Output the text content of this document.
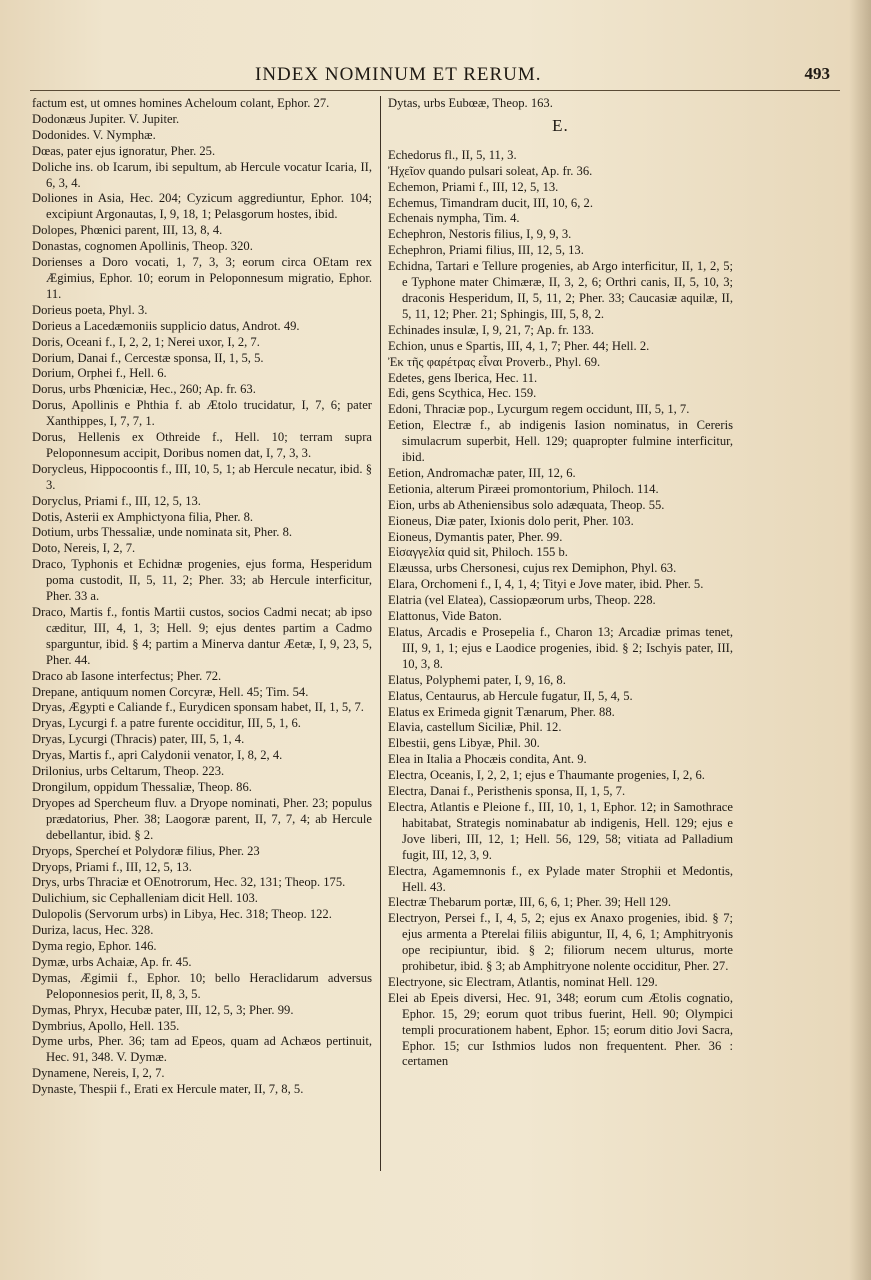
INDEX NOMINUM ET RERUM.	493

factum est, ut omnes homines Acheloum colant, Ephor. 27.

Dodonæus Jupiter. V. Jupiter.

Dodonides. V. Nymphæ.

Dœas, pater ejus ignoratur, Pher. 25.

Doliche ins. ob Icarum, ibi sepultum, ab Hercule vocatur Icaria, II, 6, 3, 4.

Doliones in Asia, Hec. 204; Cyzicum aggrediuntur, Ephor. 104; excipiunt Argonautas, I, 9, 18, 1; Pelasgorum hostes, ibid.

Dolopes, Phœnici parent, III, 13, 8, 4.

Donastas, cognomen Apollinis, Theop. 320.

Dorienses a Doro vocati, 1, 7, 3, 3; eorum circa OEtam rex Ægimius, Ephor. 10; eorum in Peloponnesum migratio, Ephor. 11.

Dorieus poeta, Phyl. 3.

Dorieus a Lacedæmoniis supplicio datus, Androt. 49.

Doris, Oceani f., I, 2, 2, 1; Nerei uxor, I, 2, 7.

Dorium, Danai f., Cercestæ sponsa, II, 1, 5, 5.

Dorium, Orphei f., Hell. 6.

Dorus, urbs Phœniciæ, Hec., 260; Ap. fr. 63.

Dorus, Apollinis e Phthia f. ab Ætolo trucidatur, I, 7, 6; pater Xanthippes, I, 7, 7, 1.

Dorus, Hellenis ex Othreide f., Hell. 10; terram supra Peloponnesum accipit, Doribus nomen dat, I, 7, 3, 3.

Dorycleus, Hippocoontis f., III, 10, 5, 1; ab Hercule necatur, ibid. § 3.

Doryclus, Priami f., III, 12, 5, 13.

Dotis, Asterii ex Amphictyona filia, Pher. 8.

Dotium, urbs Thessaliæ, unde nominata sit, Pher. 8.

Doto, Nereis, I, 2, 7.

Draco, Typhonis et Echidnæ progenies, ejus forma, Hesperidum poma custodit, II, 5, 11, 2; Pher. 33; ab Hercule interficitur, Pher. 33 a.

Draco, Martis f., fontis Martii custos, socios Cadmi necat; ab ipso cæditur, III, 4, 1, 3; Hell. 9; ejus dentes partim a Cadmo sparguntur, ibid. § 4; partim a Minerva dantur Æetæ, I, 9, 23, 5, Pher. 44.

Draco ab Iasone interfectus; Pher. 72.

Drepane, antiquum nomen Corcyræ, Hell. 45; Tim. 54.

Dryas, Ægypti e Caliande f., Eurydicen sponsam habet, II, 1, 5, 7.

Dryas, Lycurgi f. a patre furente occiditur, III, 5, 1, 6.

Dryas, Lycurgi (Thracis) pater, III, 5, 1, 4.

Dryas, Martis f., apri Calydonii venator, I, 8, 2, 4.

Drilonius, urbs Celtarum, Theop. 223.

Drongilum, oppidum Thessaliæ, Theop. 86.

Dryopes ad Spercheum fluv. a Dryope nominati, Pher. 23; populus prædatorius, Pher. 38; Laogoræ parent, II, 7, 7, 4; ab Hercule debellantur, ibid. § 2.

Dryops, Spercheí et Polydoræ filius, Pher. 23

Dryops, Priami f., III, 12, 5, 13.

Drys, urbs Thraciæ et OEnotrorum, Hec. 32, 131; Theop. 175.

Dulichium, sic Cephalleniam dicit Hell. 103.

Dulopolis (Servorum urbs) in Libya, Hec. 318; Theop. 122.

Duriza, lacus, Hec. 328.

Dyma regio, Ephor. 146.

Dymæ, urbs Achaiæ, Ap. fr. 45.

Dymas, Ægimii f., Ephor. 10; bello Heraclidarum adversus Peloponnesios perit, II, 8, 3, 5.

Dymas, Phryx, Hecubæ pater, III, 12, 5, 3; Pher. 99.

Dymbrius, Apollo, Hell. 135.

Dyme urbs, Pher. 36; tam ad Epeos, quam ad Achæos pertinuit, Hec. 91, 348. V. Dymæ.

Dynamene, Nereis, I, 2, 7.

Dynaste, Thespii f., Erati ex Hercule mater, II, 7, 8, 5.

Dytas, urbs Eubœæ, Theop. 163.

E.

Echedorus fl., II, 5, 11, 3.

Ἠχεῖον quando pulsari soleat, Ap. fr. 36.

Echemon, Priami f., III, 12, 5, 13.

Echemus, Timandram ducit, III, 10, 6, 2.

Echenais nympha, Tim. 4.

Echephron, Nestoris filius, I, 9, 9, 3.

Echephron, Priami filius, III, 12, 5, 13.

Echidna, Tartari e Tellure progenies, ab Argo interficitur, II, 1, 2, 5; e Typhone mater Chimæræ, II, 3, 2, 6; Orthri canis, II, 5, 10, 3; draconis Hesperidum, II, 5, 11, 2; Pher. 33; Caucasiæ aquilæ, II, 5, 11, 12; Pher. 21; Sphingis, III, 5, 8, 2.

Echinades insulæ, I, 9, 21, 7; Ap. fr. 133.

Echion, unus e Spartis, III, 4, 1, 7; Pher. 44; Hell. 2.

Ἐκ τῆς φαρέτρας εἶναι Proverb., Phyl. 69.

Edetes, gens Iberica, Hec. 11.

Edi, gens Scythica, Hec. 159.

Edoni, Thraciæ pop., Lycurgum regem occidunt, III, 5, 1, 7.

Eetion, Electræ f., ab indigenis Iasion nominatus, in Cereris simulacrum superbit, Hell. 129; quapropter fulmine interficitur, ibid.

Eetion, Andromachæ pater, III, 12, 6.

Eetionia, alterum Piræei promontorium, Philoch. 114.

Eion, urbs ab Atheniensibus solo adæquata, Theop. 55.

Eioneus, Diæ pater, Ixionis dolo perit, Pher. 103.

Eioneus, Dymantis pater, Pher. 99.

Εἰσαγγελία quid sit, Philoch. 155 b.

Elæussa, urbs Chersonesi, cujus rex Demiphon, Phyl. 63.

Elara, Orchomeni f., I, 4, 1, 4; Tityi e Jove mater, ibid. Pher. 5.

Elatria (vel Elatea), Cassiopæorum urbs, Theop. 228.

Elattonus, Vide Baton.

Elatus, Arcadis e Prosepelia f., Charon 13; Arcadiæ primas tenet, III, 9, 1, 1; ejus e Laodice progenies, ibid. § 2; Ischyis pater, III, 10, 3, 8.

Elatus, Polyphemi pater, I, 9, 16, 8.

Elatus, Centaurus, ab Hercule fugatur, II, 5, 4, 5.

Elatus ex Erimeda gignit Tænarum, Pher. 88.

Elavia, castellum Siciliæ, Phil. 12.

Elbestii, gens Libyæ, Phil. 30.

Elea in Italia a Phocæis condita, Ant. 9.

Electra, Oceanis, I, 2, 2, 1; ejus e Thaumante progenies, I, 2, 6.

Electra, Danai f., Peristhenis sponsa, II, 1, 5, 7.

Electra, Atlantis e Pleione f., III, 10, 1, 1, Ephor. 12; in Samothrace habitabat, Strategis nominabatur ab indigenis, Hell. 129; ejus e Jove liberi, III, 12, 1; Hell. 56, 129, 58; vitiata ad Palladium fugit, III, 12, 3, 9.

Electra, Agamemnonis f., ex Pylade mater Strophii et Medontis, Hell. 43.

Electræ Thebarum portæ, III, 6, 6, 1; Pher. 39; Hell 129.

Electryon, Persei f., I, 4, 5, 2; ejus ex Anaxo progenies, ibid. § 7; ejus armenta a Pterelai filiis abiguntur, II, 4, 6, 1; Amphitryonis ope recipiuntur, ibid. § 2; filiorum necem ulturus, morte prohibetur, ibid. § 3; ab Amphitryone nolente occiditur, Pher. 27.

Electryone, sic Electram, Atlantis, nominat Hell. 129.

Elei ab Epeis diversi, Hec. 91, 348; eorum cum Ætolis cognatio, Ephor. 15, 29; eorum quot tribus fuerint, Hell. 90; Olympici templi procurationem habent, Ephor. 15; eorum ditio Jovi Sacra, Ephor. 15; cur Isthmios ludos non frequentent. Pher. 36 : certamen
